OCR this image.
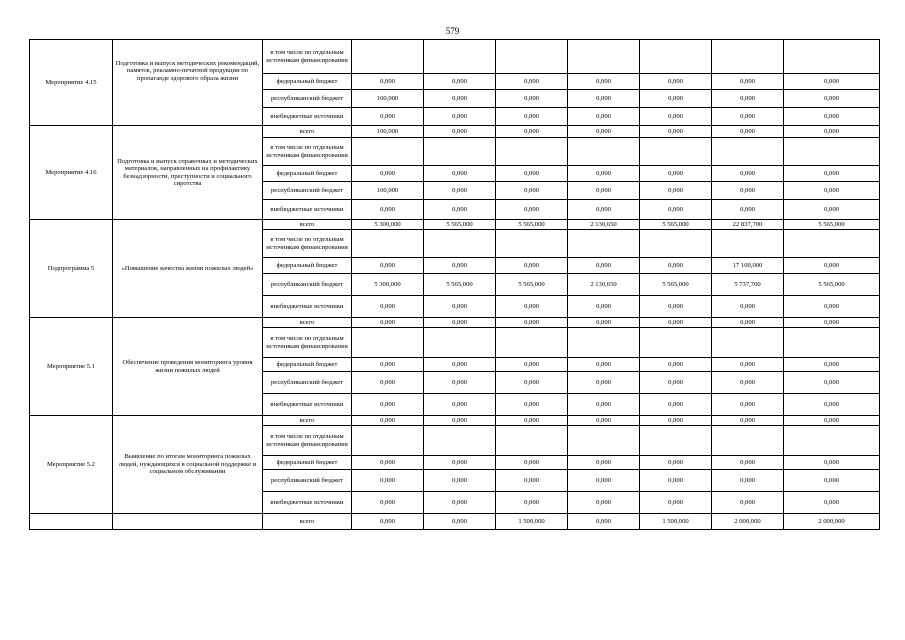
579
Мероприятие 4.15	Подготовка и выпуск методических рекомендаций, памяток, рекламно-печатной продукции по пропаганде здорового образа жизни	в том числе по отдельным источникам финансирования							
		федеральный бюджет	0,000	0,000	0,000	0,000	0,000	0,000	0,000
		республиканский бюджет	100,000	0,000	0,000	0,000	0,000	0,000	0,000
		внебюджетные источники	0,000	0,000	0,000	0,000	0,000	0,000	0,000
Мероприятие 4.16	Подготовка и выпуск справочных и методических материалов, направленных на профилактику безнадзорности, преступности и социального сиротства	всего	100,000	0,000	0,000	0,000	0,000	0,000	0,000
		в том числе по отдельным источникам финансирования							
		федеральный бюджет	0,000	0,000	0,000	0,000	0,000	0,000	0,000
		республиканский бюджет	100,000	0,000	0,000	0,000	0,000	0,000	0,000
		внебюджетные источники	0,000	0,000	0,000	0,000	0,000	0,000	0,000
Подпрограмма 5	«Повышение качества жизни пожилых людей»	всего	5 300,000	5 565,000	5 565,000	2 130,650	5 565,000	22 837,700	5 565,000
		в том числе по отдельным источникам финансирования							
		федеральный бюджет	0,000	0,000	0,000	0,000	0,000	17 100,000	0,000
		республиканский бюджет	5 300,000	5 565,000	5 565,000	2 130,650	5 565,000	5 737,700	5 565,000
		внебюджетные источники	0,000	0,000	0,000	0,000	0,000	0,000	0,000
Мероприятие 5.1	Обеспечение проведения мониторинга уровня жизни пожилых людей	всего	0,000	0,000	0,000	0,000	0,000	0,000	0,000
		в том числе по отдельным источникам финансирования							
		федеральный бюджет	0,000	0,000	0,000	0,000	0,000	0,000	0,000
		республиканский бюджет	0,000	0,000	0,000	0,000	0,000	0,000	0,000
		внебюджетные источники	0,000	0,000	0,000	0,000	0,000	0,000	0,000
Мероприятие 5.2	Выявление по итогам мониторинга пожилых людей, нуждающихся в социальной поддержке и социальном обслуживании	всего	0,000	0,000	0,000	0,000	0,000	0,000	0,000
		в том числе по отдельным источникам финансирования							
		федеральный бюджет	0,000	0,000	0,000	0,000	0,000	0,000	0,000
		республиканский бюджет	0,000	0,000	0,000	0,000	0,000	0,000	0,000
		внебюджетные источники	0,000	0,000	0,000	0,000	0,000	0,000	0,000
		всего	0,000	0,000	1 500,000	0,000	1 500,000	2 000,000	2 000,000
